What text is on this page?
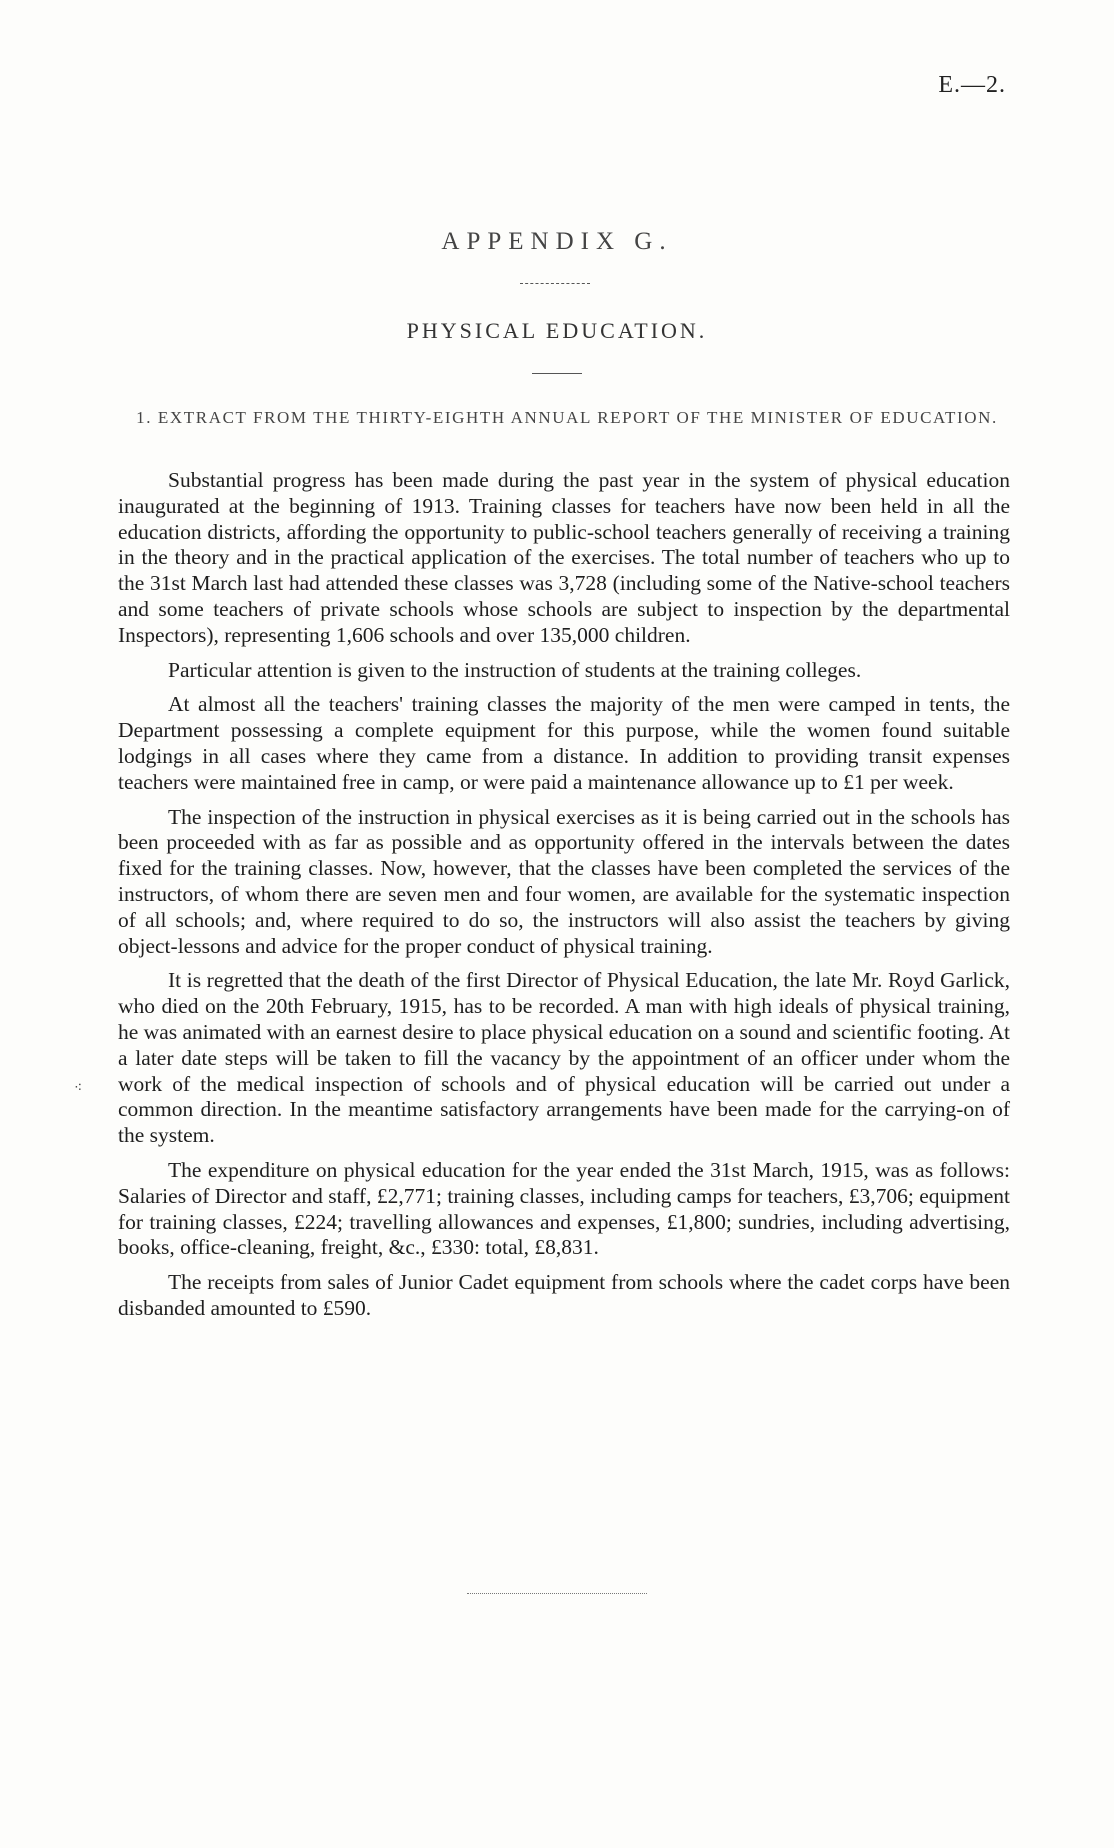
E.—2.
APPENDIX G.
PHYSICAL EDUCATION.
1. EXTRACT FROM THE THIRTY-EIGHTH ANNUAL REPORT OF THE MINISTER OF EDUCATION.
⁖

Substantial progress has been made during the past year in the system of physical education inaugurated at the beginning of 1913. Training classes for teachers have now been held in all the education districts, affording the opportunity to public-school teachers generally of receiving a training in the theory and in the practical application of the exercises. The total number of teachers who up to the 31st March last had attended these classes was 3,728 (including some of the Native-school teachers and some teachers of private schools whose schools are subject to inspection by the departmental Inspectors), representing 1,606 schools and over 135,000 children.

Particular attention is given to the instruction of students at the training colleges.

At almost all the teachers' training classes the majority of the men were camped in tents, the Department possessing a complete equipment for this purpose, while the women found suitable lodgings in all cases where they came from a distance. In addition to providing transit expenses teachers were maintained free in camp, or were paid a maintenance allowance up to £1 per week.

The inspection of the instruction in physical exercises as it is being carried out in the schools has been proceeded with as far as possible and as opportunity offered in the intervals between the dates fixed for the training classes. Now, however, that the classes have been completed the services of the instructors, of whom there are seven men and four women, are available for the systematic inspection of all schools; and, where required to do so, the instructors will also assist the teachers by giving object-lessons and advice for the proper conduct of physical training.

It is regretted that the death of the first Director of Physical Education, the late Mr. Royd Garlick, who died on the 20th February, 1915, has to be recorded. A man with high ideals of physical training, he was animated with an earnest desire to place physical education on a sound and scientific footing. At a later date steps will be taken to fill the vacancy by the appointment of an officer under whom the work of the medical inspection of schools and of physical education will be carried out under a common direction. In the meantime satisfactory arrangements have been made for the carrying-on of the system.

The expenditure on physical education for the year ended the 31st March, 1915, was as follows: Salaries of Director and staff, £2,771; training classes, including camps for teachers, £3,706; equipment for training classes, £224; travelling allowances and expenses, £1,800; sundries, including advertising, books, office-cleaning, freight, &c., £330: total, £8,831.

The receipts from sales of Junior Cadet equipment from schools where the cadet corps have been disbanded amounted to £590.
